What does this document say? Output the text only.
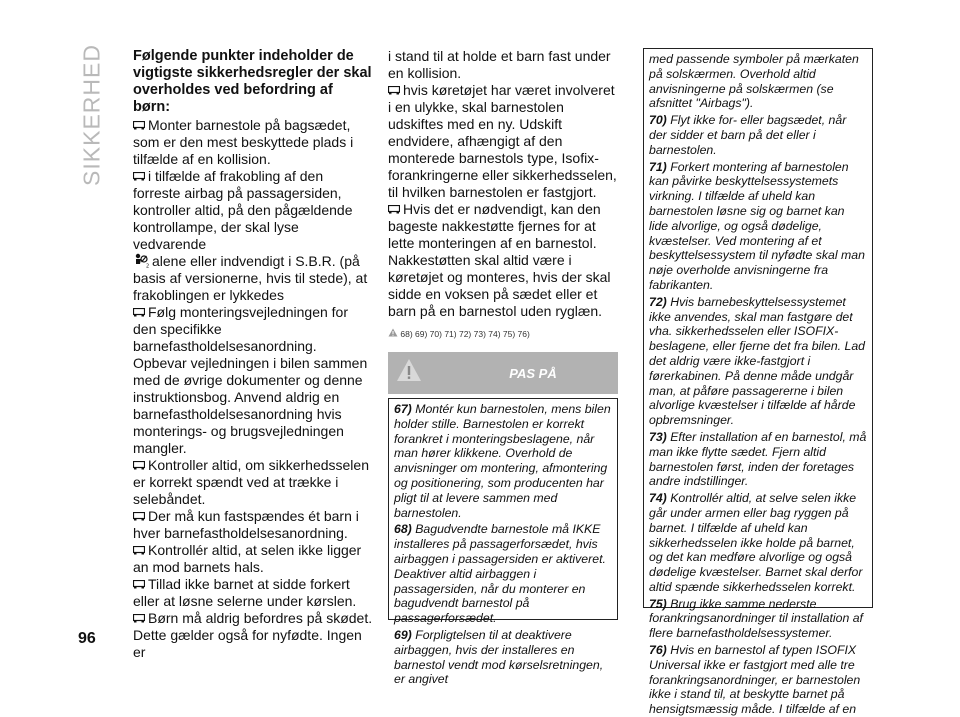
SIKKERHED Følgende punkter indeholder de vigtigste sikkerhedsregler der skal overholdes ved befordring af børn:

Monter barnestole på bagsædet, som er den mest beskyttede plads i tilfælde af en kollision.

i tilfælde af frakobling af den forreste airbag på passagersiden, kontroller altid, på den pågældende kontrollampe, der skal lyse vedvarende

2 alene eller indvendigt i S.B.R. (på basis af versionerne, hvis til stede), at frakoblingen er lykkedes

Følg monteringsvejledningen for den specifikke barnefastholdelsesanordning. Opbevar vejledningen i bilen sammen med de øvrige dokumenter og denne instruktionsbog. Anvend aldrig en barnefastholdelsesanordning hvis monterings- og brugsvejledningen mangler.

Kontroller altid, om sikkerhedsselen er korrekt spændt ved at trække i selebåndet.

Der må kun fastspændes ét barn i hver barnefastholdelsesanordning.

Kontrollér altid, at selen ikke ligger an mod barnets hals.

Tillad ikke barnet at sidde forkert eller at løsne selerne under kørslen.

Børn må aldrig befordres på skødet. Dette gælder også for nyfødte. Ingen er

i stand til at holde et barn fast under en kollision.

hvis køretøjet har været involveret i en ulykke, skal barnestolen udskiftes med en ny. Udskift endvidere, afhængigt af den monterede barnestols type, Isofix-forankringerne eller sikkerhedsselen, til hvilken barnestolen er fastgjort.

Hvis det er nødvendigt, kan den bageste nakkestøtte fjernes for at lette monteringen af en barnestol. Nakkestøtten skal altid være i køretøjet og monteres, hvis der skal sidde en voksen på sædet eller et barn på en barnestol uden ryglæn.

68) 69) 70) 71) 72) 73) 74) 75) 76)
PAS PÅ

67) Montér kun barnestolen, mens bilen holder stille. Barnestolen er korrekt forankret i monteringsbeslagene, når man hører klikkene. Overhold de anvisninger om montering, afmontering og positionering, som producenten har pligt til at levere sammen med barnestolen.

68) Bagudvendte barnestole må IKKE installeres på passagerforsædet, hvis airbaggen i passagersiden er aktiveret. Deaktiver altid airbaggen i passagersiden, når du monterer en bagudvendt barnestol på passagerforsædet.

69) Forpligtelsen til at deaktivere airbaggen, hvis der installeres en barnestol vendt mod kørselsretningen, er angivet

med passende symboler på mærkaten på solskærmen. Overhold altid anvisningerne på solskærmen (se afsnittet "Airbags").

70) Flyt ikke for- eller bagsædet, når der sidder et barn på det eller i barnestolen.

71) Forkert montering af barnestolen kan påvirke beskyttelsessystemets virkning. I tilfælde af uheld kan barnestolen løsne sig og barnet kan lide alvorlige, og også dødelige, kvæstelser. Ved montering af et beskyttelsessystem til nyfødte skal man nøje overholde anvisningerne fra fabrikanten.

72) Hvis barnebeskyttelsessystemet ikke anvendes, skal man fastgøre det vha. sikkerhedsselen eller ISOFIX-beslagene, eller fjerne det fra bilen. Lad det aldrig være ikke-fastgjort i førerkabinen. På denne måde undgår man, at påføre passagererne i bilen alvorlige kvæstelser i tilfælde af hårde opbremsninger.

73) Efter installation af en barnestol, må man ikke flytte sædet. Fjern altid barnestolen først, inden der foretages andre indstillinger.

74) Kontrollér altid, at selve selen ikke går under armen eller bag ryggen på barnet. I tilfælde af uheld kan sikkerhedsselen ikke holde på barnet, og det kan medføre alvorlige og også dødelige kvæstelser. Barnet skal derfor altid spænde sikkerhedsselen korrekt.

75) Brug ikke samme nederste forankringsanordninger til installation af flere barnefastholdelsessystemer.

76) Hvis en barnestol af typen ISOFIX Universal ikke er fastgjort med alle tre forankringsanordninger, er barnestolen ikke i stand til, at beskytte barnet på hensigtsmæssig måde. I tilfælde af en

96
